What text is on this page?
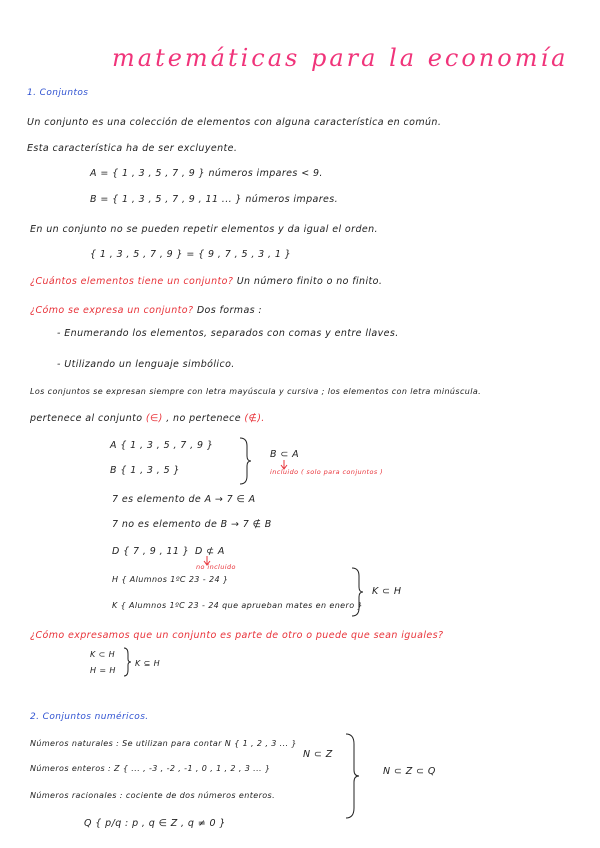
matemáticas para la economía
1. Conjuntos
Un conjunto es una colección de elementos con alguna característica en común.
Esta característica ha de ser excluyente.
A = { 1 , 3 , 5 , 7 , 9 } números impares < 9.
B = { 1 , 3 , 5 , 7 , 9 , 11 ... } números impares.
En un conjunto no se pueden repetir elementos y da igual el orden.
{ 1 , 3 , 5 , 7 , 9 } = { 9 , 7 , 5 , 3 , 1 }
¿Cuántos elementos tiene un conjunto? Un número finito o no finito.
¿Cómo se expresa un conjunto? Dos formas :
- Enumerando los elementos, separados con comas y entre llaves.
- Utilizando un lenguaje simbólico.
Los conjuntos se expresan siempre con letra mayúscula y cursiva ; los elementos con letra minúscula.
pertenece al conjunto (∈) , no pertenece (∉).
A { 1 , 3 , 5 , 7 , 9 }
B { 1 , 3 , 5 }
B ⊂ A
incluido ( solo para conjuntos )
7 es elemento de A → 7 ∈ A
7 no es elemento de B → 7 ∉ B
D { 7 , 9 , 11 } D ⊄ A
no incluido
H { Alumnos 1ºC 23 - 24 }
K { Alumnos 1ºC 23 - 24 que aprueban mates en enero }
K ⊂ H
¿Cómo expresamos que un conjunto es parte de otro o puede que sean iguales?
K ⊂ H
H = H
K ⊆ H
2. Conjuntos numéricos.
Números naturales : Se utilizan para contar N { 1 , 2 , 3 ... }
N ⊂ Z
Números enteros : Z { ... , -3 , -2 , -1 , 0 , 1 , 2 , 3 ... }	N ⊂ Z ⊂ Q
Números racionales : cociente de dos números enteros.
Q { p/q : p , q ∈ Z , q ≠ 0 }
